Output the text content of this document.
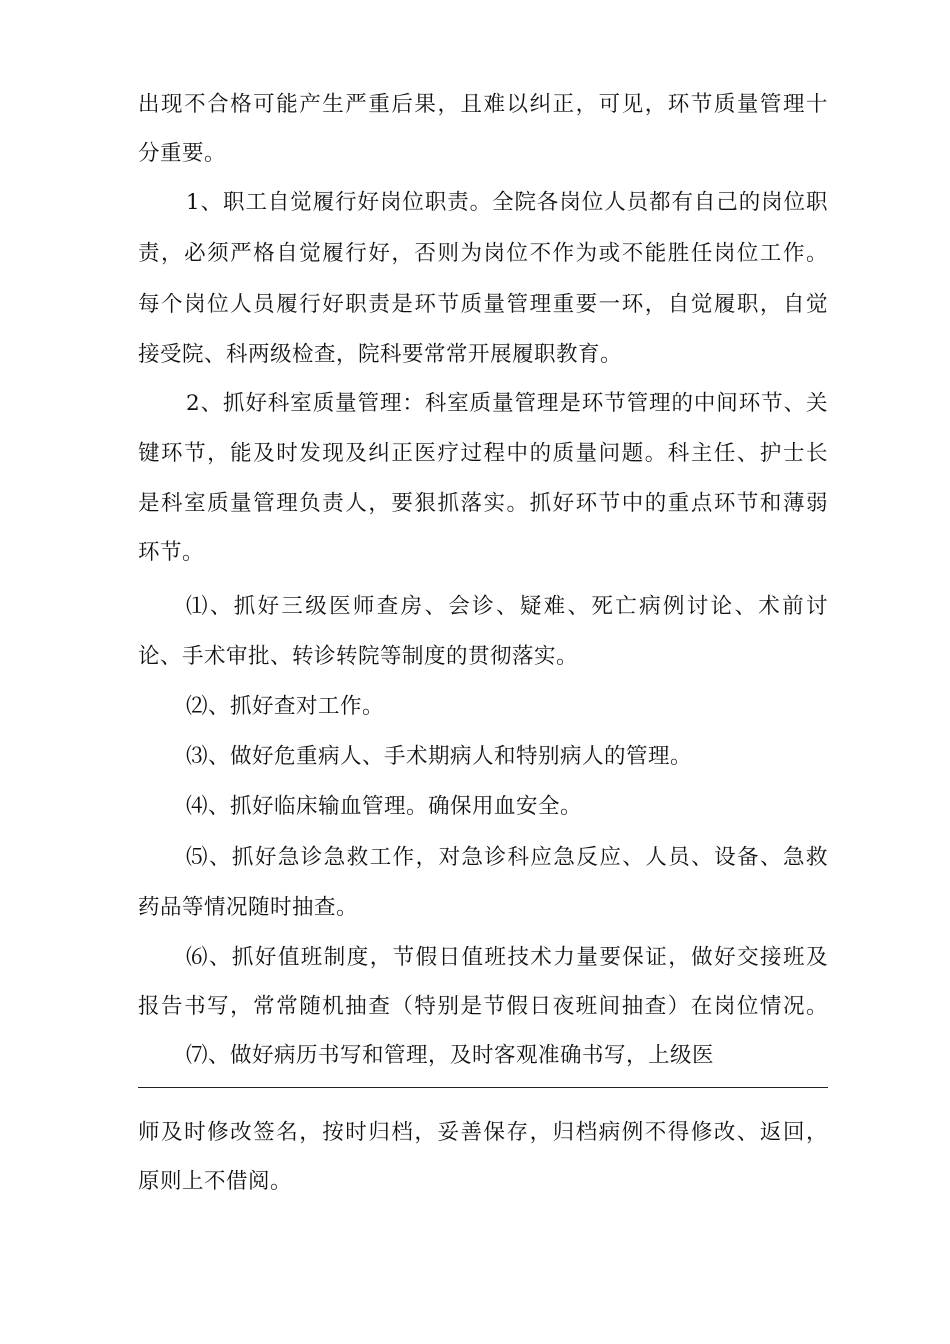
出现不合格可能产生严重后果，且难以纠正，可见，环节质量管理十
分重要。
1、职工自觉履行好岗位职责。全院各岗位人员都有自己的岗位职
责，必须严格自觉履行好，否则为岗位不作为或不能胜任岗位工作。
每个岗位人员履行好职责是环节质量管理重要一环，自觉履职，自觉
接受院、科两级检查，院科要常常开展履职教育。
2、抓好科室质量管理：科室质量管理是环节管理的中间环节、关
键环节，能及时发现及纠正医疗过程中的质量问题。科主任、护士长
是科室质量管理负责人，要狠抓落实。抓好环节中的重点环节和薄弱
环节。
⑴、抓好三级医师查房、会诊、疑难、死亡病例讨论、术前讨
论、手术审批、转诊转院等制度的贯彻落实。
⑵、抓好查对工作。
⑶、做好危重病人、手术期病人和特别病人的管理。
⑷、抓好临床输血管理。确保用血安全。
⑸、抓好急诊急救工作，对急诊科应急反应、人员、设备、急救
药品等情况随时抽查。
⑹、抓好值班制度，节假日值班技术力量要保证，做好交接班及
报告书写，常常随机抽查（特别是节假日夜班间抽查）在岗位情况。
⑺、做好病历书写和管理，及时客观准确书写，上级医
师及时修改签名，按时归档，妥善保存，归档病例不得修改、返回，
原则上不借阅。
